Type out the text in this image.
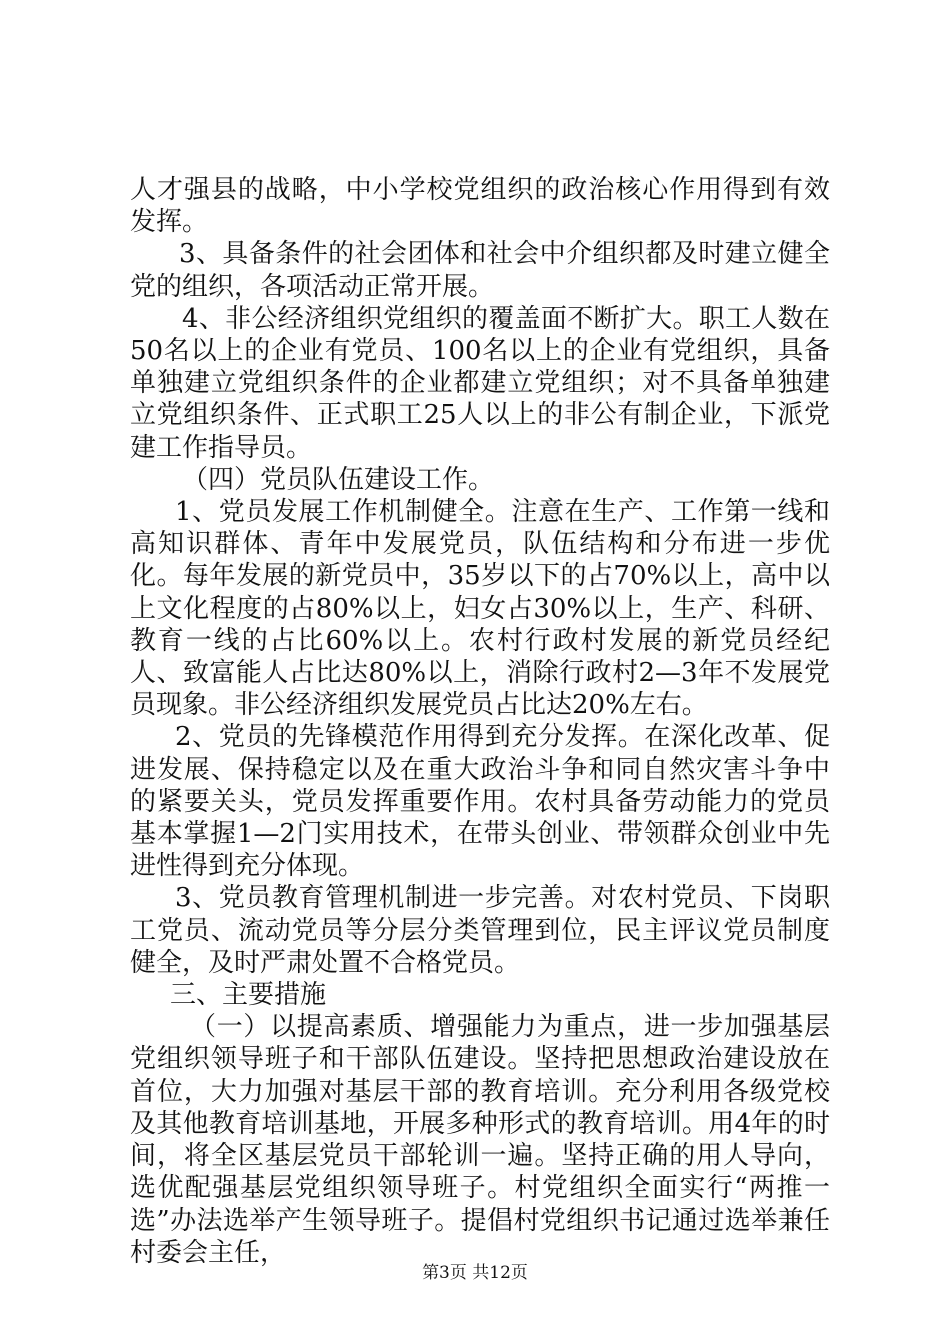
人才强县的战略，中小学校党组织的政治核心作用得到有效发挥。

3、具备条件的社会团体和社会中介组织都及时建立健全党的组织，各项活动正常开展。

4、非公经济组织党组织的覆盖面不断扩大。职工人数在50名以上的企业有党员、100名以上的企业有党组织，具备单独建立党组织条件的企业都建立党组织；对不具备单独建立党组织条件、正式职工25人以上的非公有制企业，下派党建工作指导员。

（四）党员队伍建设工作。

1、党员发展工作机制健全。注意在生产、工作第一线和高知识群体、青年中发展党员，队伍结构和分布进一步优化。每年发展的新党员中，35岁以下的占70%以上，高中以上文化程度的占80%以上，妇女占30%以上，生产、科研、教育一线的占比60%以上。农村行政村发展的新党员经纪人、致富能人占比达80%以上，消除行政村2—3年不发展党员现象。非公经济组织发展党员占比达20%左右。

2、党员的先锋模范作用得到充分发挥。在深化改革、促进发展、保持稳定以及在重大政治斗争和同自然灾害斗争中的紧要关头，党员发挥重要作用。农村具备劳动能力的党员基本掌握1—2门实用技术，在带头创业、带领群众创业中先进性得到充分体现。

3、党员教育管理机制进一步完善。对农村党员、下岗职工党员、流动党员等分层分类管理到位，民主评议党员制度健全，及时严肃处置不合格党员。

三、主要措施

（一）以提高素质、增强能力为重点，进一步加强基层党组织领导班子和干部队伍建设。坚持把思想政治建设放在首位，大力加强对基层干部的教育培训。充分利用各级党校及其他教育培训基地，开展多种形式的教育培训。用4年的时间，将全区基层党员干部轮训一遍。坚持正确的用人导向，选优配强基层党组织领导班子。村党组织全面实行“两推一选”办法选举产生领导班子。提倡村党组织书记通过选举兼任村委会主任，

第3页 共12页
